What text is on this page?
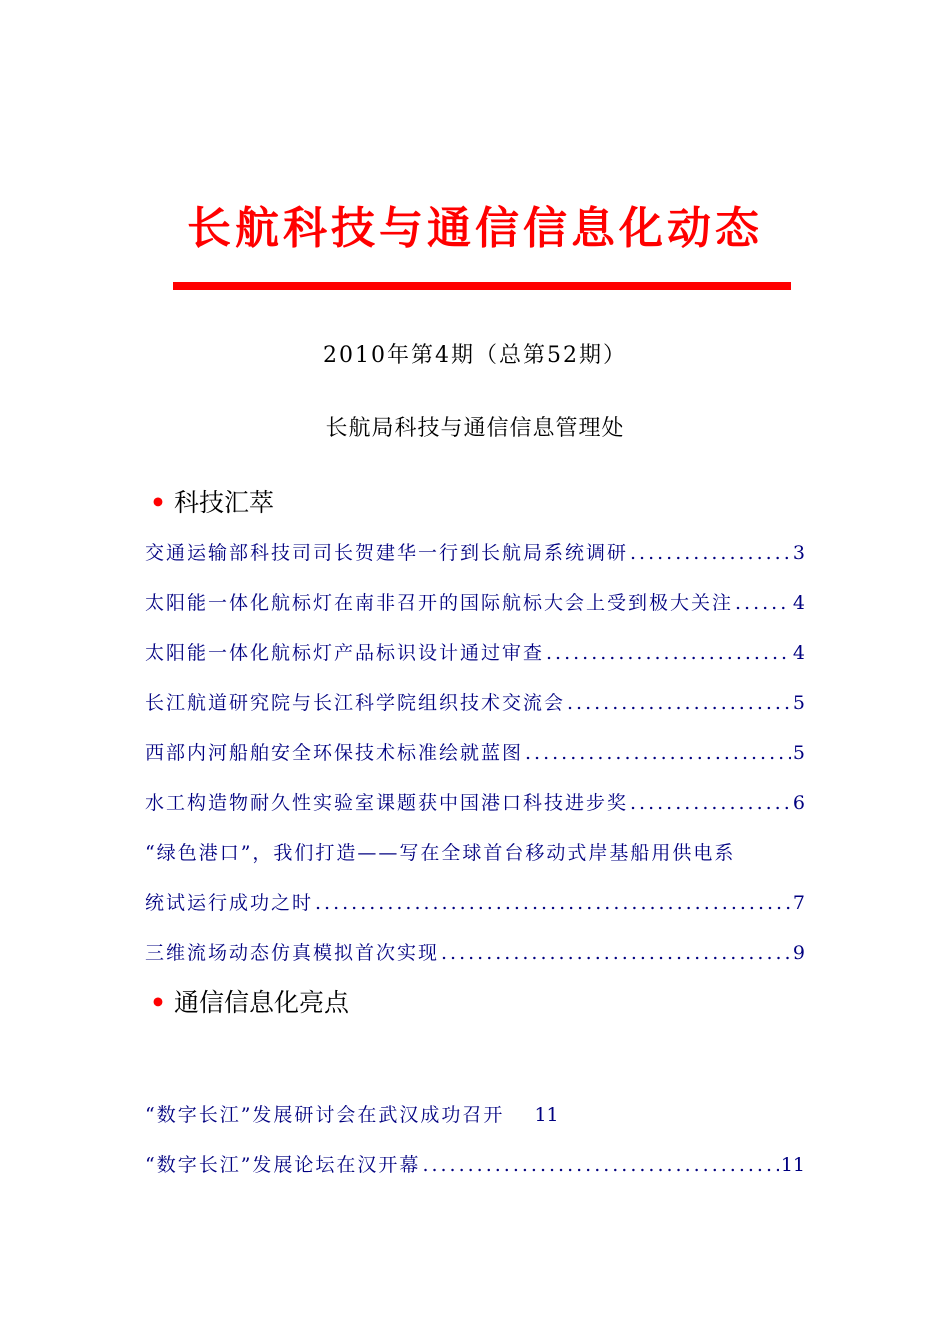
长航科技与通信信息化动态
2010年第4期（总第52期）
长航局科技与通信信息管理处
• 科技汇萃
交通运输部科技司司长贺建华一行到长航局系统调研 .....	3
太阳能一体化航标灯在南非召开的国际航标大会上受到极大关注 .....	4
太阳能一体化航标灯产品标识设计通过审查 .....	4
长江航道研究院与长江科学院组织技术交流会 .....	5
西部内河船舶安全环保技术标准绘就蓝图 .....	5
水工构造物耐久性实验室课题获中国港口科技进步奖 .....	6
“绿色港口”，我们打造——写在全球首台移动式岸基船用供电系
统试运行成功之时 .....	7
三维流场动态仿真模拟首次实现 .....	9
• 通信信息化亮点
“数字长江”发展研讨会在武汉成功召开 11
“数字长江”发展论坛在汉开幕 .....	11
